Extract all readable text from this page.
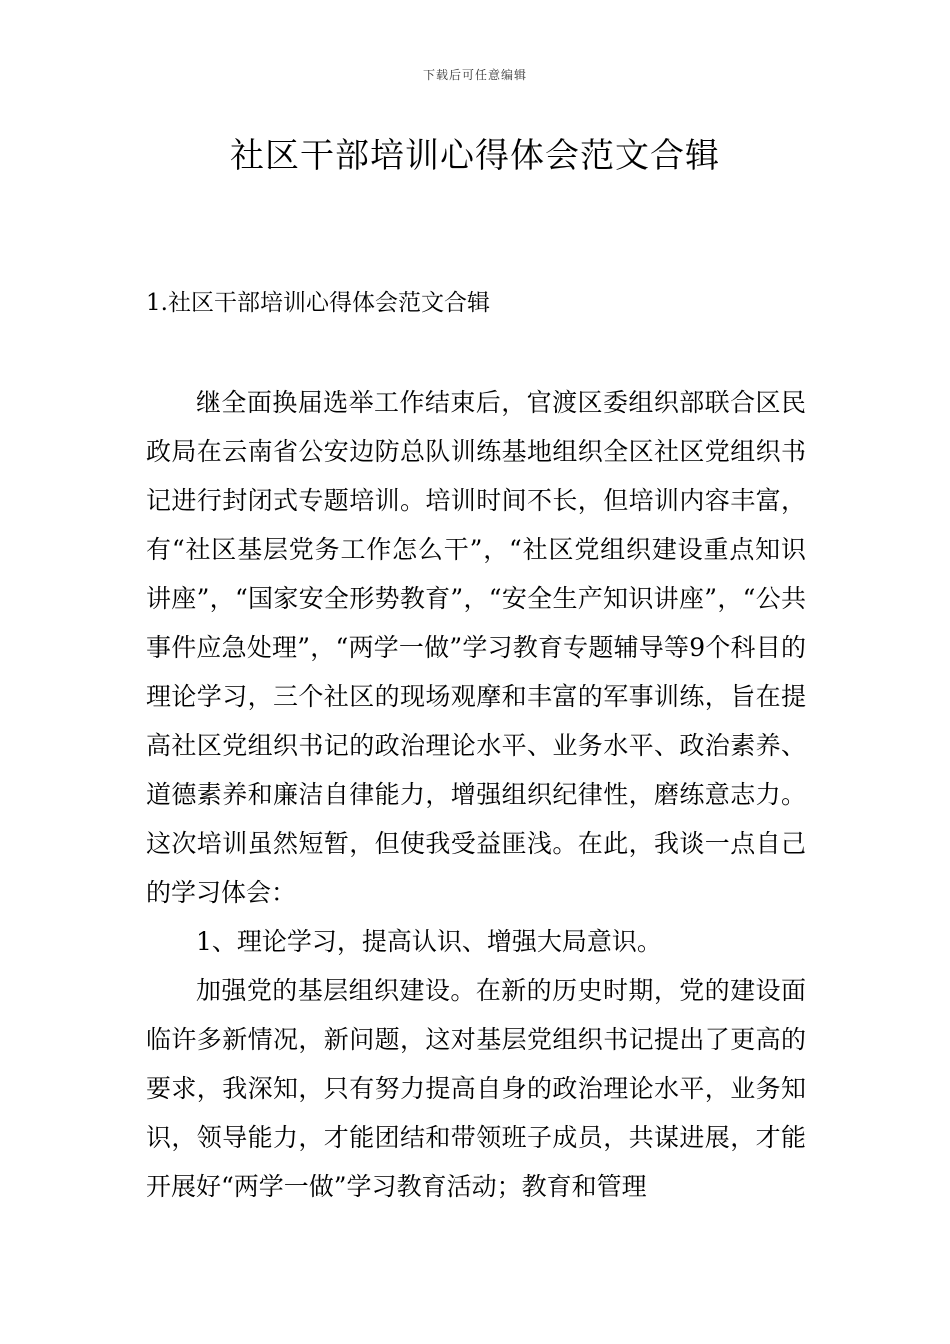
下载后可任意编辑
社区干部培训心得体会范文合辑
1.社区干部培训心得体会范文合辑

继全面换届选举工作结束后，官渡区委组织部联合区民政局在云南省公安边防总队训练基地组织全区社区党组织书记进行封闭式专题培训。培训时间不长，但培训内容丰富，有“社区基层党务工作怎么干”，“社区党组织建设重点知识讲座”，“国家安全形势教育”，“安全生产知识讲座”，“公共事件应急处理”，“两学一做”学习教育专题辅导等9个科目的理论学习，三个社区的现场观摩和丰富的军事训练，旨在提高社区党组织书记的政治理论水平、业务水平、政治素养、道德素养和廉洁自律能力，增强组织纪律性，磨练意志力。这次培训虽然短暂，但使我受益匪浅。在此，我谈一点自己的学习体会：

1、理论学习，提高认识、增强大局意识。

加强党的基层组织建设。在新的历史时期，党的建设面临许多新情况，新问题，这对基层党组织书记提出了更高的要求，我深知，只有努力提高自身的政治理论水平，业务知识，领导能力，才能团结和带领班子成员，共谋进展，才能开展好“两学一做”学习教育活动；教育和管理
